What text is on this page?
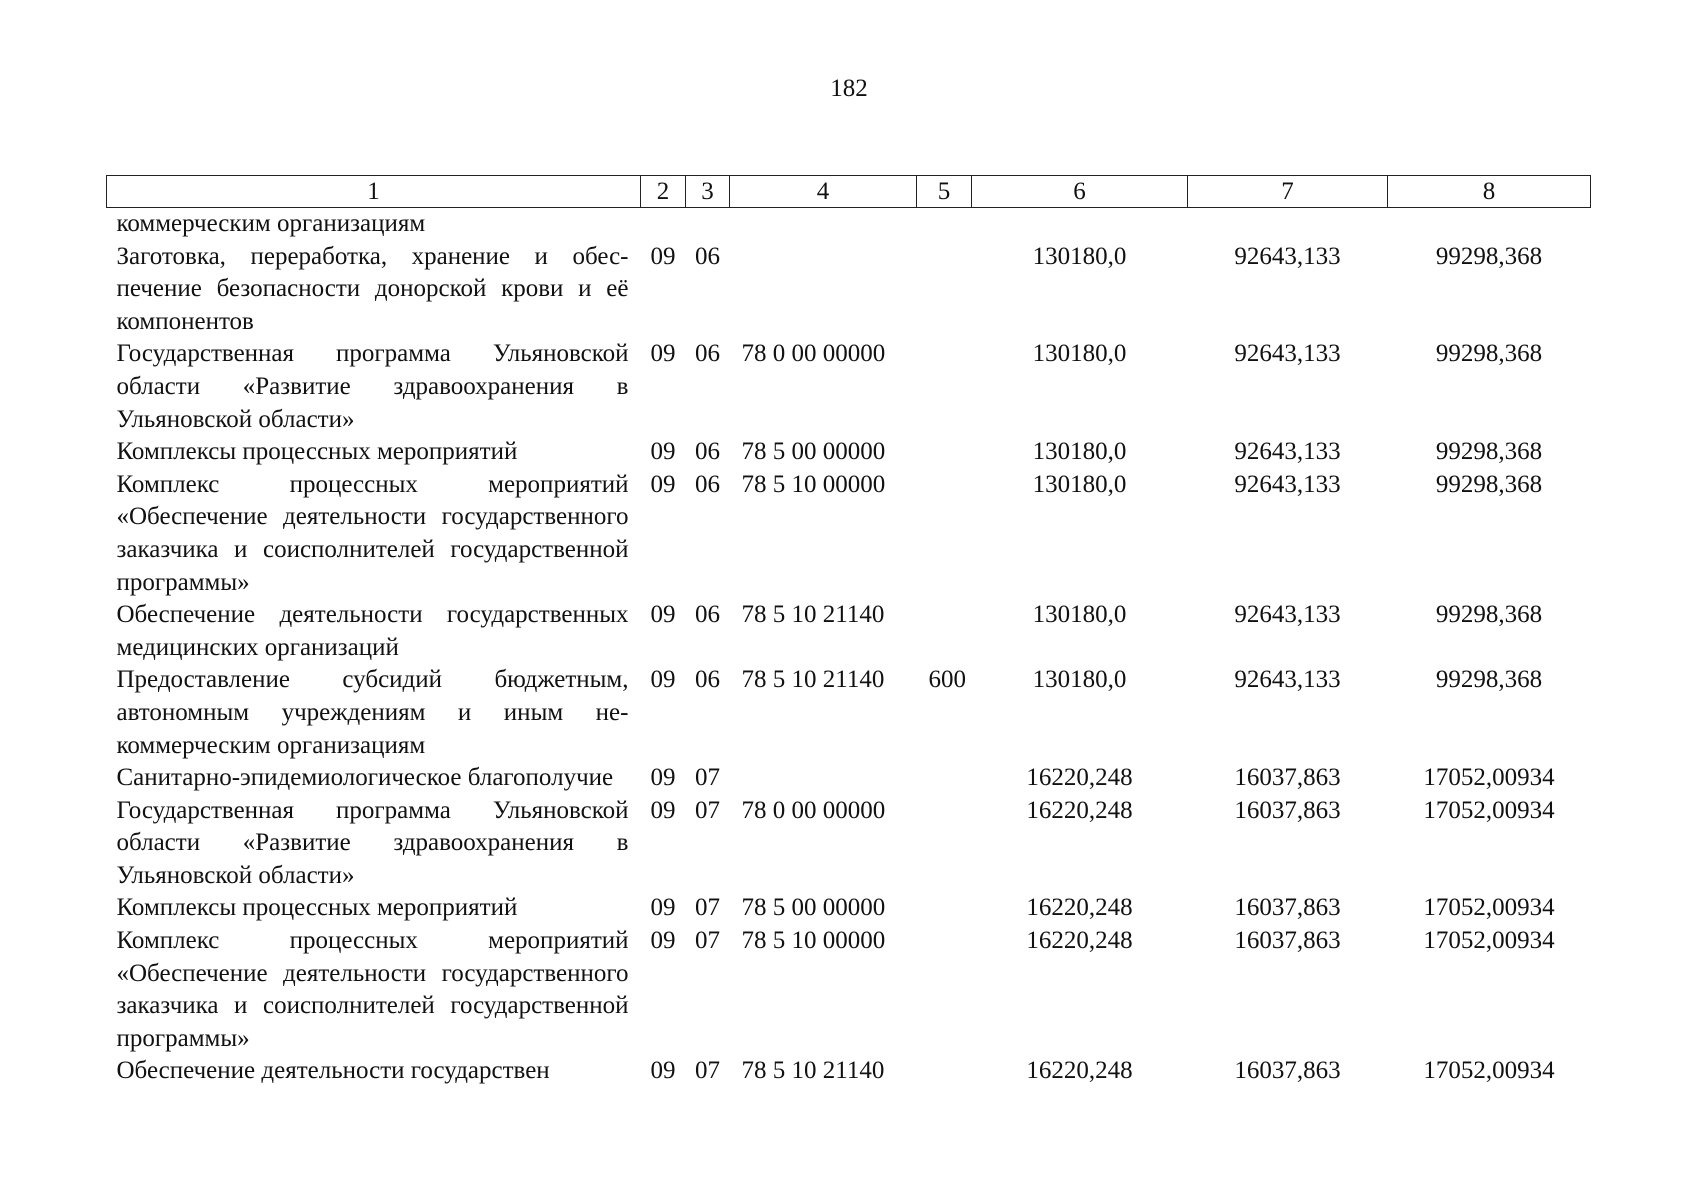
182
1	2	3	4	5	6	7	8
коммерческим организациям							
Заготовка, переработка, хранение и обеспечение безопасности донорской крови и её компонентов	09	06			130180,0	92643,133	99298,368
Государственная программа Ульяновской области «Развитие здравоохранения в Ульяновской области»	09	06	78 0 00 00000		130180,0	92643,133	99298,368
Комплексы процессных мероприятий	09	06	78 5 00 00000		130180,0	92643,133	99298,368
Комплекс процессных мероприятий «Обеспечение деятельности государственного заказчика и соисполнителей государственной программы»	09	06	78 5 10 00000		130180,0	92643,133	99298,368
Обеспечение деятельности государственных медицинских организаций	09	06	78 5 10 21140		130180,0	92643,133	99298,368
Предоставление субсидий бюджетным, автономным учреждениям и иным некоммерческим организациям	09	06	78 5 10 21140	600	130180,0	92643,133	99298,368
Санитарно-эпидемиологическое благополучие	09	07			16220,248	16037,863	17052,00934
Государственная программа Ульяновской области «Развитие здравоохранения в Ульяновской области»	09	07	78 0 00 00000		16220,248	16037,863	17052,00934
Комплексы процессных мероприятий	09	07	78 5 00 00000		16220,248	16037,863	17052,00934
Комплекс процессных мероприятий «Обеспечение деятельности государственного заказчика и соисполнителей государственной программы»	09	07	78 5 10 00000		16220,248	16037,863	17052,00934
Обеспечение деятельности государствен	09	07	78 5 10 21140		16220,248	16037,863	17052,00934
